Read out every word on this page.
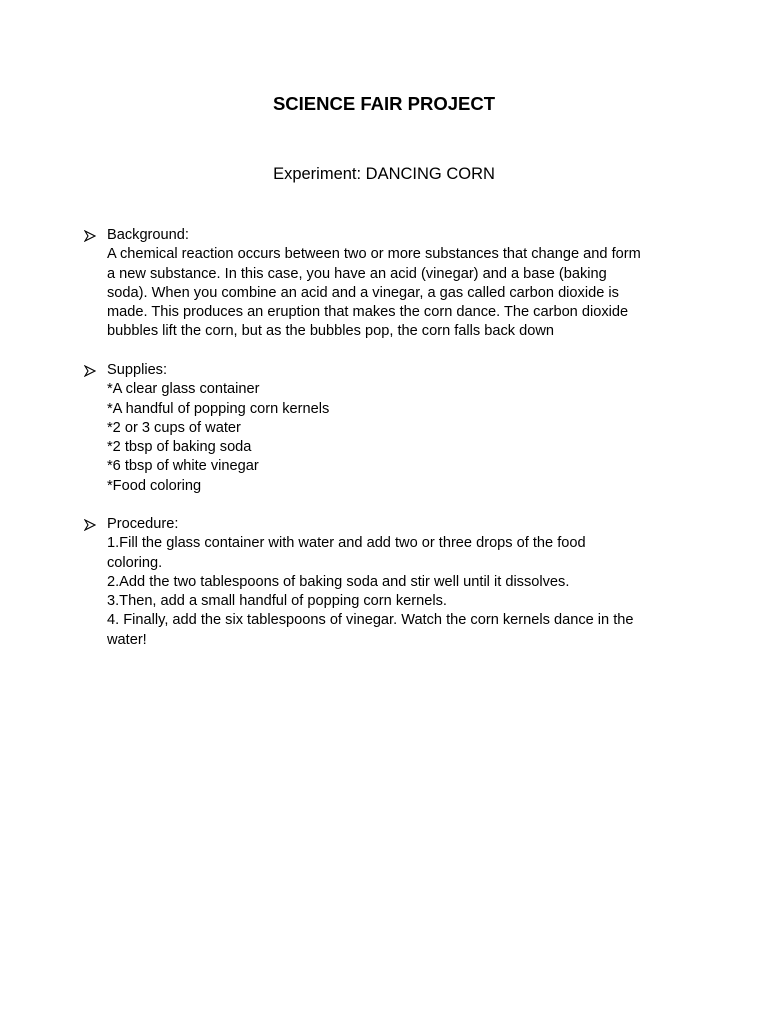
SCIENCE FAIR PROJECT
Experiment: DANCING CORN
Background:
A chemical reaction occurs between two or more substances that change and form
a new substance. In this case, you have an acid (vinegar) and a base (baking
soda). When you combine an acid and a vinegar, a gas called carbon dioxide is
made. This produces an eruption that makes the corn dance. The carbon dioxide
bubbles lift the corn, but as the bubbles pop, the corn falls back down
Supplies:
*A clear glass container
*A handful of popping corn kernels
*2 or 3 cups of water
*2 tbsp of baking soda
*6 tbsp of white vinegar
*Food coloring
Procedure:
1.Fill the glass container with water and add two or three drops of the food
coloring.
2.Add the two tablespoons of baking soda and stir well until it dissolves.
3.Then, add a small handful of popping corn kernels.
4. Finally, add the six tablespoons of vinegar. Watch the corn kernels dance in the
water!
